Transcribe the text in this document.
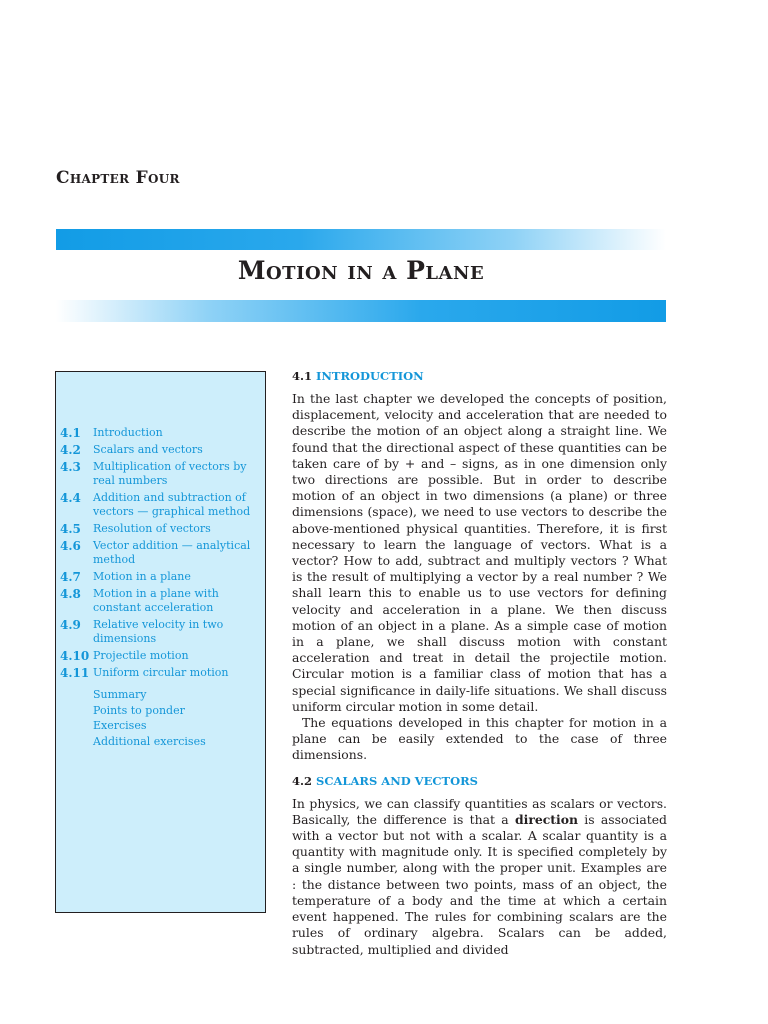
Chapter Four
Motion in a Plane
4.1	Introduction
4.2	Scalars and vectors
4.3	Multiplication of vectors by real numbers
4.4	Addition and subtraction of vectors — graphical method
4.5	Resolution of vectors
4.6	Vector addition — analytical method
4.7	Motion in a plane
4.8	Motion in a plane with constant acceleration
4.9	Relative velocity in two dimensions
4.10 Projectile motion
4.11 Uniform circular motion
Summary
Points to ponder
Exercises
Additional exercises
4.1 INTRODUCTION

In the last chapter we developed the concepts of position, displacement, velocity and acceleration that are needed to describe the motion of an object along a straight line. We found that the directional aspect of these quantities can be taken care of by + and – signs, as in one dimension only two directions are possible. But in order to describe motion of an object in two dimensions (a plane) or three dimensions (space), we need to use vectors to describe the above-mentioned physical quantities. Therefore, it is first necessary to learn the language of vectors. What is a vector? How to add, subtract and multiply vectors ? What is the result of multiplying a vector by a real number ? We shall learn this to enable us to use vectors for defining velocity and acceleration in a plane. We then discuss motion of an object in a plane. As a simple case of motion in a plane, we shall discuss motion with constant acceleration and treat in detail the projectile motion. Circular motion is a familiar class of motion that has a special significance in daily-life situations. We shall discuss uniform circular motion in some detail.

The equations developed in this chapter for motion in a plane can be easily extended to the case of three dimensions.

4.2 SCALARS AND VECTORS

In physics, we can classify quantities as scalars or vectors. Basically, the difference is that a direction is associated with a vector but not with a scalar. A scalar quantity is a quantity with magnitude only. It is specified completely by a single number, along with the proper unit. Examples are : the distance between two points, mass of an object, the temperature of a body and the time at which a certain event happened. The rules for combining scalars are the rules of ordinary algebra. Scalars can be added, subtracted, multiplied and divided
